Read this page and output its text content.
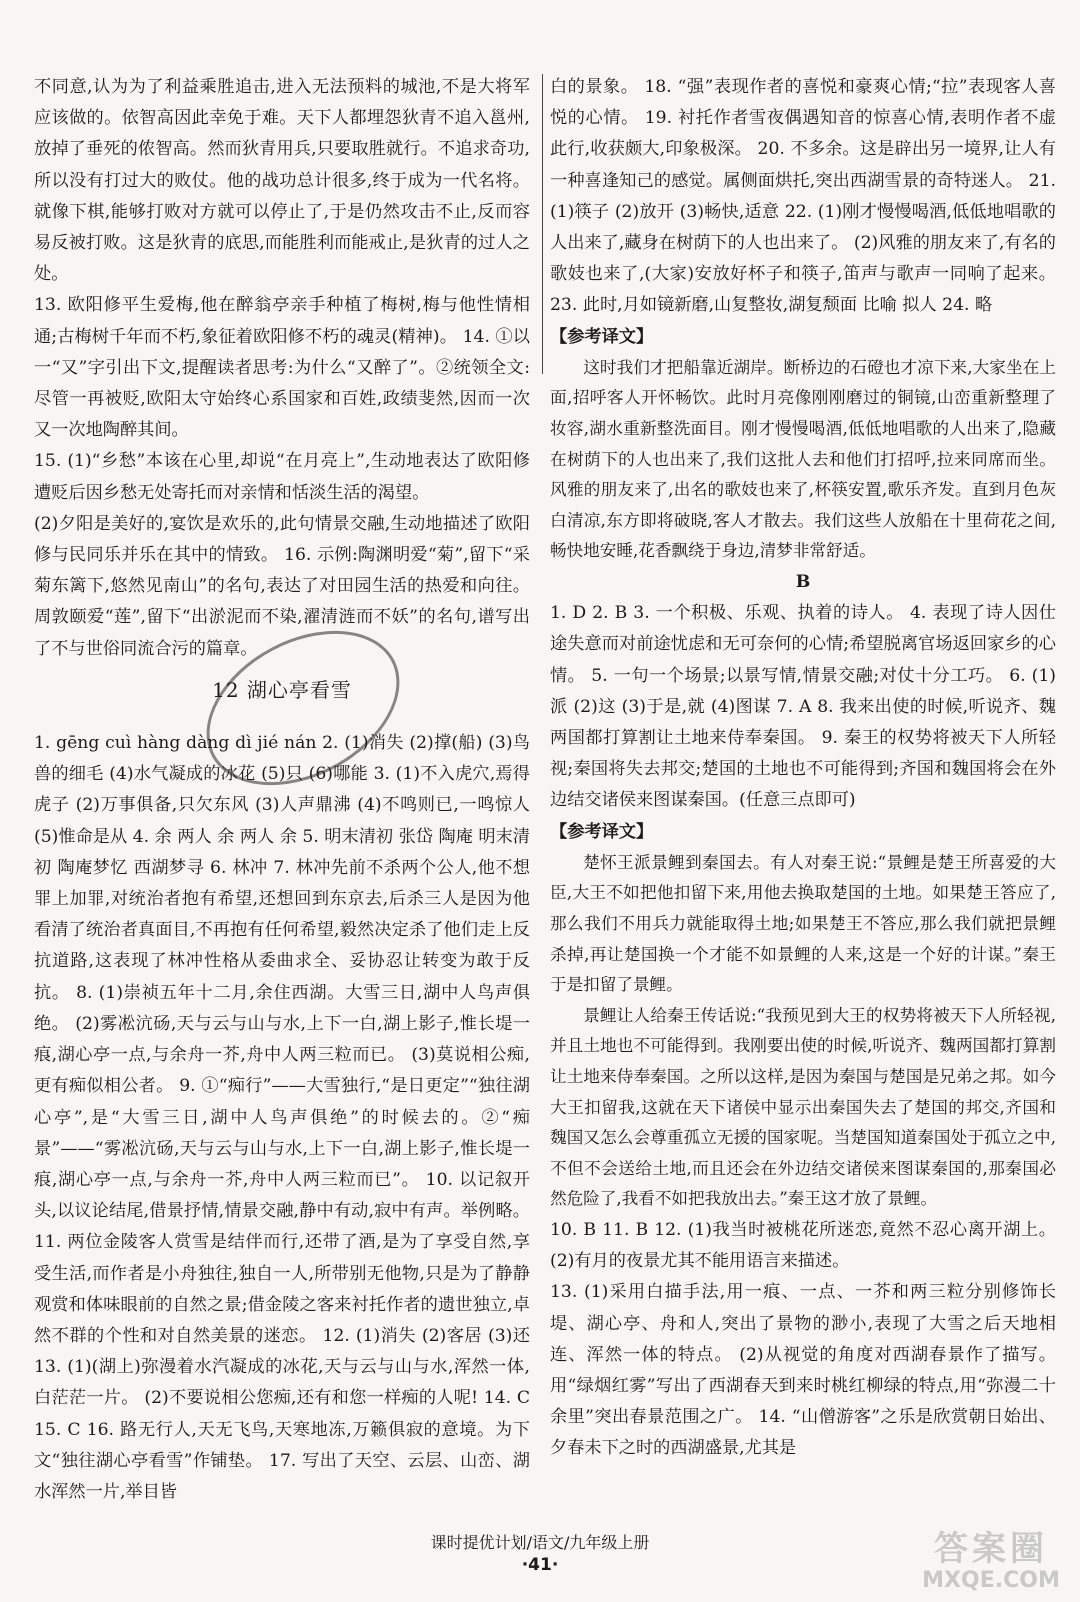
不同意,认为为了利益乘胜追击,进入无法预料的城池,不是大将军应该做的。依智高因此幸免于难。天下人都埋怨狄青不追入邕州,放掉了垂死的侬智高。然而狄青用兵,只要取胜就行。不追求奇功,所以没有打过大的败仗。他的战功总计很多,终于成为一代名将。就像下棋,能够打败对方就可以停止了,于是仍然攻击不止,反而容易反被打败。这是狄青的底思,而能胜利而能戒止,是狄青的过人之处。

13. 欧阳修平生爱梅,他在醉翁亭亲手种植了梅树,梅与他性情相通;古梅树千年而不朽,象征着欧阳修不朽的魂灵(精神)。 14. ①以一“又”字引出下文,提醒读者思考:为什么“又醉了”。②统领全文:尽管一再被贬,欧阳太守始终心系国家和百姓,政绩斐然,因而一次又一次地陶醉其间。

15. (1)“乡愁”本该在心里,却说“在月亮上”,生动地表达了欧阳修遭贬后因乡愁无处寄托而对亲情和恬淡生活的渴望。

(2)夕阳是美好的,宴饮是欢乐的,此句情景交融,生动地描述了欧阳修与民同乐并乐在其中的情致。 16. 示例:陶渊明爱“菊”,留下“采菊东篱下,悠然见南山”的名句,表达了对田园生活的热爱和向往。周敦颐爱“莲”,留下“出淤泥而不染,濯清涟而不妖”的名句,谱写出了不与世俗同流合污的篇章。

12 湖心亭看雪

1. gēng cuì hàng dàng dì jié nán 2. (1)消失 (2)撑(船) (3)鸟兽的细毛 (4)水气凝成的冰花 (5)只 (6)哪能 3. (1)不入虎穴,焉得虎子 (2)万事俱备,只欠东风 (3)人声鼎沸 (4)不鸣则已,一鸣惊人 (5)惟命是从 4. 余 两人 余 两人 余 5. 明末清初 张岱 陶庵 明末清初 陶庵梦忆 西湖梦寻 6. 林冲 7. 林冲先前不杀两个公人,他不想罪上加罪,对统治者抱有希望,还想回到东京去,后杀三人是因为他看清了统治者真面目,不再抱有任何希望,毅然决定杀了他们走上反抗道路,这表现了林冲性格从委曲求全、妥协忍让转变为敢于反抗。 8. (1)崇祯五年十二月,余住西湖。大雪三日,湖中人鸟声俱绝。 (2)雾凇沆砀,天与云与山与水,上下一白,湖上影子,惟长堤一痕,湖心亭一点,与余舟一芥,舟中人两三粒而已。 (3)莫说相公痴,更有痴似相公者。 9. ①“痴行”——大雪独行,“是日更定”“独往湖心亭”,是“大雪三日,湖中人鸟声俱绝”的时候去的。②“痴景”——“雾凇沆砀,天与云与山与水,上下一白,湖上影子,惟长堤一痕,湖心亭一点,与余舟一芥,舟中人两三粒而已”。 10. 以记叙开头,以议论结尾,借景抒情,情景交融,静中有动,寂中有声。举例略。 11. 两位金陵客人赏雪是结伴而行,还带了酒,是为了享受自然,享受生活,而作者是小舟独往,独自一人,所带别无他物,只是为了静静观赏和体味眼前的自然之景;借金陵之客来衬托作者的遗世独立,卓然不群的个性和对自然美景的迷恋。 12. (1)消失 (2)客居 (3)还 13. (1)(湖上)弥漫着水汽凝成的冰花,天与云与山与水,浑然一体,白茫茫一片。 (2)不要说相公您痴,还有和您一样痴的人呢! 14. C 15. C 16. 路无行人,天无飞鸟,天寒地冻,万籁俱寂的意境。为下文“独往湖心亭看雪”作铺垫。 17. 写出了天空、云层、山峦、湖水浑然一片,举目皆

白的景象。 18. “强”表现作者的喜悦和豪爽心情;“拉”表现客人喜悦的心情。 19. 衬托作者雪夜偶遇知音的惊喜心情,表明作者不虚此行,收获颇大,印象极深。 20. 不多余。这是辟出另一境界,让人有一种喜逢知己的感觉。属侧面烘托,突出西湖雪景的奇特迷人。 21. (1)筷子 (2)放开 (3)畅快,适意 22. (1)刚才慢慢喝酒,低低地唱歌的人出来了,藏身在树荫下的人也出来了。 (2)风雅的朋友来了,有名的歌妓也来了,(大家)安放好杯子和筷子,笛声与歌声一同响了起来。 23. 此时,月如镜新磨,山复整妆,湖复颓面 比喻 拟人 24. 略

【参考译文】

这时我们才把船靠近湖岸。断桥边的石磴也才凉下来,大家坐在上面,招呼客人开怀畅饮。此时月亮像刚刚磨过的铜镜,山峦重新整理了妆容,湖水重新整洗面目。刚才慢慢喝酒,低低地唱歌的人出来了,隐藏在树荫下的人也出来了,我们这批人去和他们打招呼,拉来同席而坐。风雅的朋友来了,出名的歌妓也来了,杯筷安置,歌乐齐发。直到月色灰白清凉,东方即将破晓,客人才散去。我们这些人放船在十里荷花之间,畅快地安睡,花香飘绕于身边,清梦非常舒适。

B

1. D 2. B 3. 一个积极、乐观、执着的诗人。 4. 表现了诗人因仕途失意而对前途忧虑和无可奈何的心情;希望脱离官场返回家乡的心情。 5. 一句一个场景;以景写情,情景交融;对仗十分工巧。 6. (1)派 (2)这 (3)于是,就 (4)图谋 7. A 8. 我来出使的时候,听说齐、魏两国都打算割让土地来侍奉秦国。 9. 秦王的权势将被天下人所轻视;秦国将失去邦交;楚国的土地也不可能得到;齐国和魏国将会在外边结交诸侯来图谋秦国。(任意三点即可)

【参考译文】

楚怀王派景鲤到秦国去。有人对秦王说:“景鲤是楚王所喜爱的大臣,大王不如把他扣留下来,用他去换取楚国的土地。如果楚王答应了,那么我们不用兵力就能取得土地;如果楚王不答应,那么我们就把景鲤杀掉,再让楚国换一个才能不如景鲤的人来,这是一个好的计谋。”秦王于是扣留了景鲤。

景鲤让人给秦王传话说:“我预见到大王的权势将被天下人所轻视,并且土地也不可能得到。我刚要出使的时候,听说齐、魏两国都打算割让土地来侍奉秦国。之所以这样,是因为秦国与楚国是兄弟之邦。如今大王扣留我,这就在天下诸侯中显示出秦国失去了楚国的邦交,齐国和魏国又怎么会尊重孤立无援的国家呢。当楚国知道秦国处于孤立之中,不但不会送给土地,而且还会在外边结交诸侯来图谋秦国的,那秦国必然危险了,我看不如把我放出去。”秦王这才放了景鲤。

10. B 11. B 12. (1)我当时被桃花所迷恋,竟然不忍心离开湖上。 (2)有月的夜景尤其不能用语言来描述。

13. (1)采用白描手法,用一痕、一点、一芥和两三粒分别修饰长堤、湖心亭、舟和人,突出了景物的渺小,表现了大雪之后天地相连、浑然一体的特点。 (2)从视觉的角度对西湖春景作了描写。用“绿烟红雾”写出了西湖春天到来时桃红柳绿的特点,用“弥漫二十余里”突出春景范围之广。 14. “山僧游客”之乐是欣赏朝日始出、夕春未下之时的西湖盛景,尤其是

课时提优计划/语文/九年级上册
·41·	答案圈
MXQE.COM
